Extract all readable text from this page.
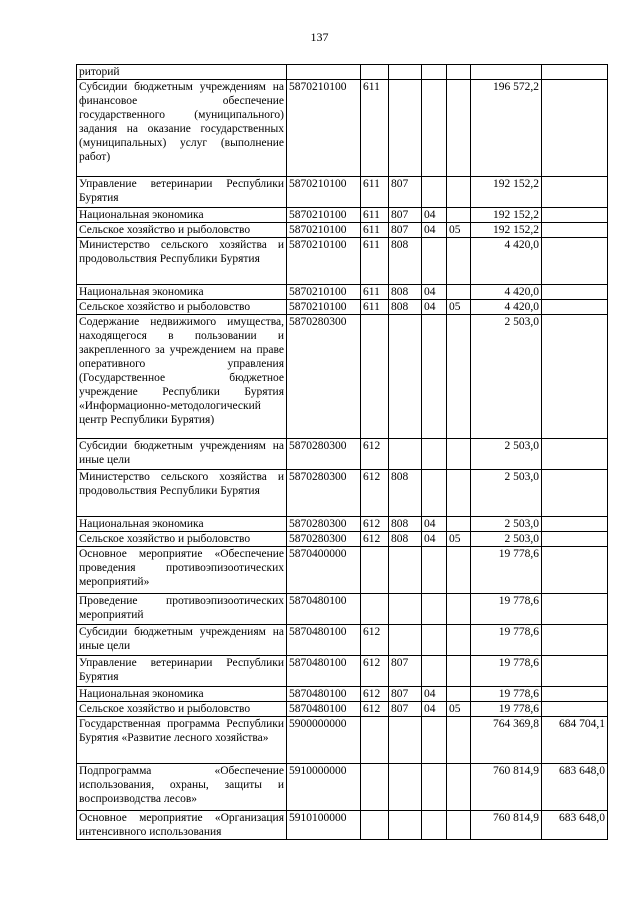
137
риторий							
Субсидии бюджетным учреждениям на финансовое обеспечение государственного (муниципального) задания на оказание государственных (муниципальных) услуг (выполнение работ)	5870210100	611				196 572,2	
Управление ветеринарии Республики Бурятия	5870210100	611	807			192 152,2	
Национальная экономика	5870210100	611	807	04		192 152,2	
Сельское хозяйство и рыболовство	5870210100	611	807	04	05	192 152,2	
Министерство сельского хозяйства и продовольствия Республики Бурятия	5870210100	611	808			4 420,0	
Национальная экономика	5870210100	611	808	04		4 420,0	
Сельское хозяйство и рыболовство	5870210100	611	808	04	05	4 420,0	
Содержание недвижимого имущества, находящегося в пользовании и закрепленного за учреждением на праве оперативного управления (Государственное бюджетное учреждение Республики Бурятия «Информационно-методологический центр Республики Бурятия)	5870280300					2 503,0	
Субсидии бюджетным учреждениям на иные цели	5870280300	612				2 503,0	
Министерство сельского хозяйства и продовольствия Республики Бурятия	5870280300	612	808			2 503,0	
Национальная экономика	5870280300	612	808	04		2 503,0	
Сельское хозяйство и рыболовство	5870280300	612	808	04	05	2 503,0	
Основное мероприятие «Обеспечение проведения противоэпизоотических мероприятий»	5870400000					19 778,6	
Проведение противоэпизоотических мероприятий	5870480100					19 778,6	
Субсидии бюджетным учреждениям на иные цели	5870480100	612				19 778,6	
Управление ветеринарии Республики Бурятия	5870480100	612	807			19 778,6	
Национальная экономика	5870480100	612	807	04		19 778,6	
Сельское хозяйство и рыболовство	5870480100	612	807	04	05	19 778,6	
Государственная программа Республики Бурятия «Развитие лесного хозяйства»	5900000000					764 369,8	684 704,1
Подпрограмма «Обеспечение использования, охраны, защиты и воспроизводства лесов»	5910000000					760 814,9	683 648,0
Основное мероприятие «Организация интенсивного использования	5910100000					760 814,9	683 648,0
